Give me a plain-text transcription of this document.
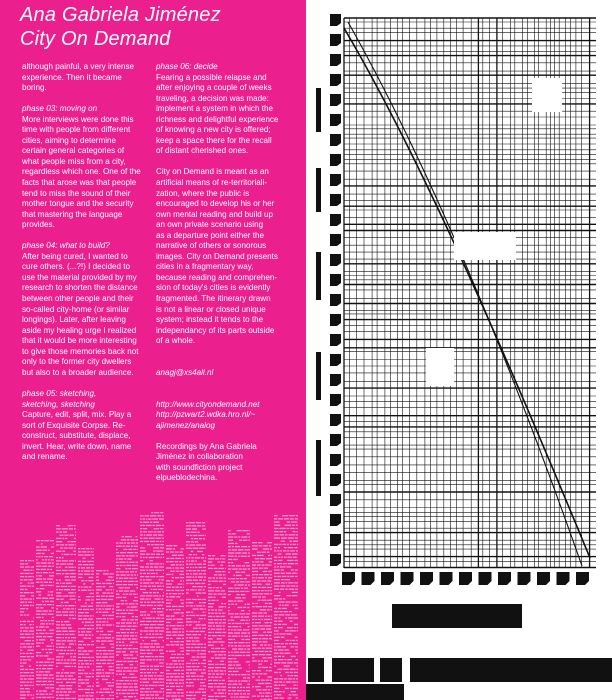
Ana Gabriela Jiménez
City On Demand

although painful, a very intense

experience. Then it became

boring.

phase 03: moving on

More interviews were done this

time with people from different

cities, aiming to determine

certain general categories of

what people miss from a city,

regardless which one. One of the

facts that arose was that people

tend to miss the sound of their

mother tongue and the security

that mastering the language

provides.

phase 04: what to build?

After being cured, I wanted to

cure others. (...?!) I decided to

use the material provided by my

research to shorten the distance

between other people and their

so-called city-home (or similar

longings). Later, after leaving

aside my healing urge I realized

that it would be more interesting

to give those memories back not

only to the former city dwellers

but also to a broader audience.

phase 05: sketching,

sketching, sketching

Capture, edit, split, mix. Play a

sort of Exquisite Corpse. Re-

construct, substitute, displace,

invert. Hear, write down, name

and rename.

phase 06: decide

Fearing a possible relapse and

after enjoying a couple of weeks

traveling, a decision was made:

implement a system in which the

richness and delightful experience

of knowing a new city is offered;

keep a space there for the recall

of distant cherished ones.

City on Demand is meant as an

artificial means of re-territoriali-

zation, where the public is

encouraged to develop his or her

own mental reading and build up

an own private scenario using

as a departure point either the

narrative of others or sonorous

images. City on Demand presents

cities in a fragmentary way,

because reading and comprehen-

sion of today's cities is evidently

fragmented. The itinerary drawn

is not a linear or closed unique

system; instead it tends to the

independancy of its parts outside

of a whole.

anagj@xs4all.nl

http://www.cityondemand.net

http://pzwart2.wdka.hro.nl/~

ajimenez/analog

Recordings by Ana Gabriela

Jiménez in collaboration

with soundfiction project

elpueblodechina.
